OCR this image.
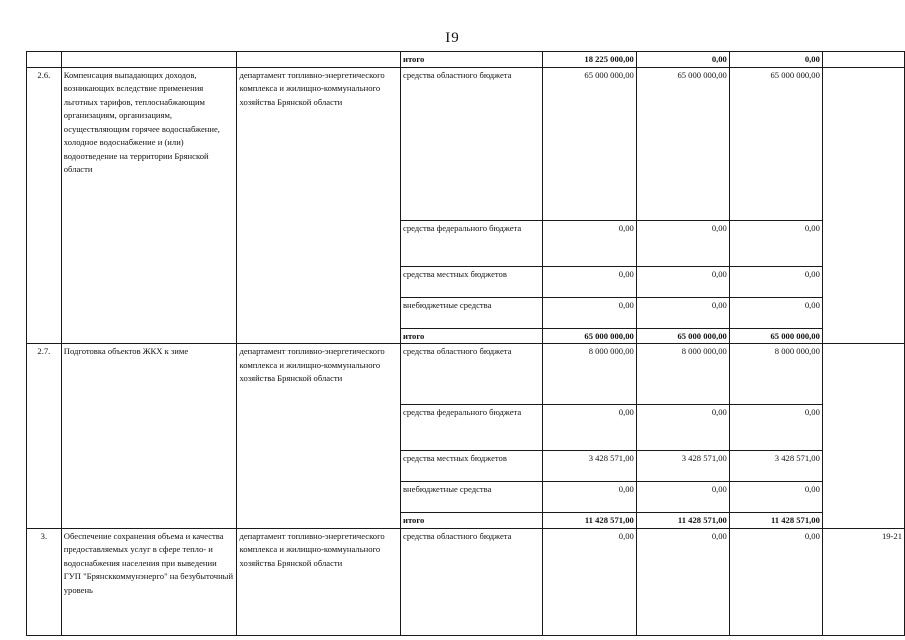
I9
			итого	18 225 000,00	0,00	0,00	
2.6.	Компенсация выпадающих доходов, возникающих вследствие применения льготных тарифов, теплоснабжающим организациям, организациям, осуществляющим горячее водоснабжение, холодное водоснабжение и (или) водоотведение на территории Брянской области	департамент топливно-энергетического комплекса и жилищно-коммунального хозяйства Брянской области	средства областного бюджета	65 000 000,00	65 000 000,00	65 000 000,00	
			средства федерального бюджета	0,00	0,00	0,00	
			средства местных бюджетов	0,00	0,00	0,00	
			внебюджетные средства	0,00	0,00	0,00	
			итого	65 000 000,00	65 000 000,00	65 000 000,00	
2.7.	Подготовка объектов ЖКХ к зиме	департамент топливно-энергетического комплекса и жилищно-коммунального хозяйства Брянской области	средства областного бюджета	8 000 000,00	8 000 000,00	8 000 000,00	
			средства федерального бюджета	0,00	0,00	0,00	
			средства местных бюджетов	3 428 571,00	3 428 571,00	3 428 571,00	
			внебюджетные средства	0,00	0,00	0,00	
			итого	11 428 571,00	11 428 571,00	11 428 571,00	
3.	Обеспечение сохранения объема и качества предоставляемых услуг в сфере тепло- и водоснабжения населения при выведении ГУП "Брянсккоммунэнерго" на безубыточный уровень	департамент топливно-энергетического комплекса и жилищно-коммунального хозяйства Брянской области	средства областного бюджета	0,00	0,00	0,00	19-21
